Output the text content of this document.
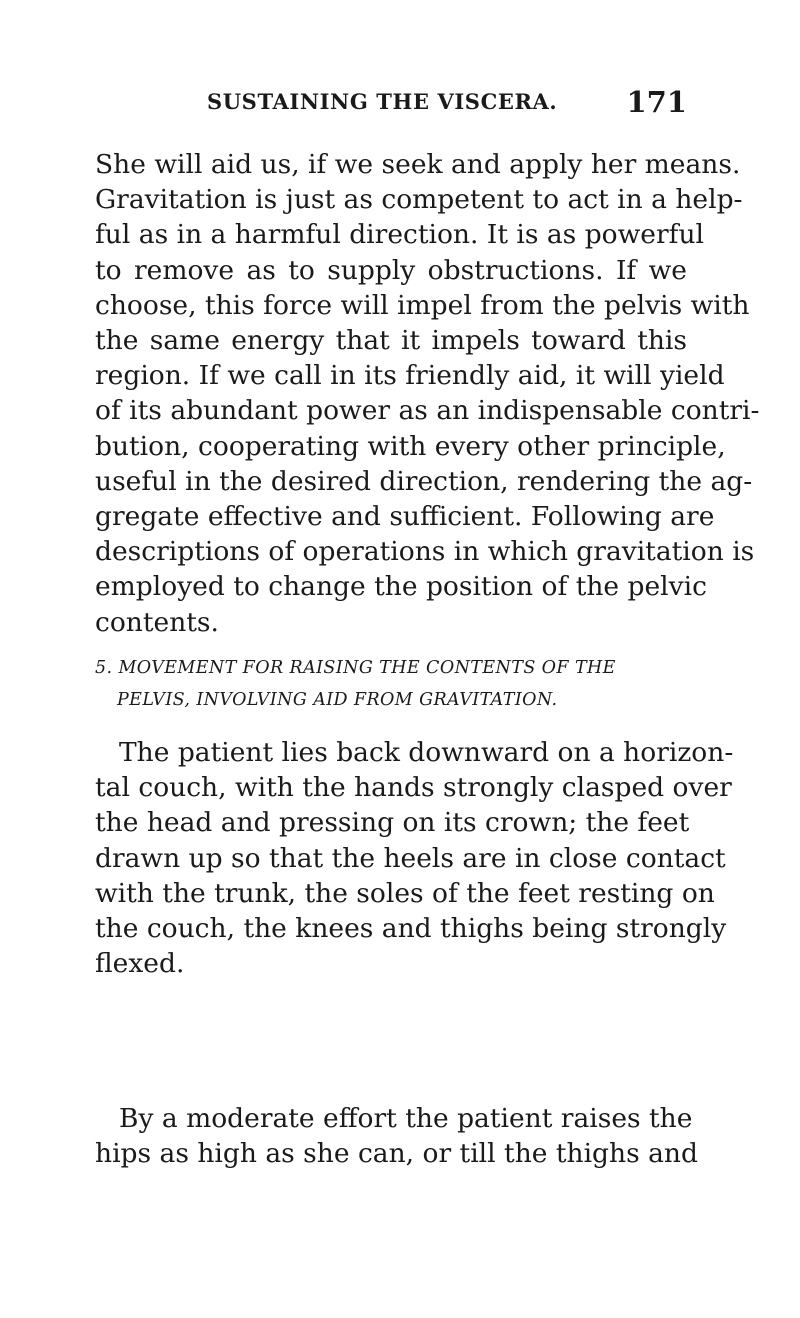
SUSTAINING THE VISCERA. 171
She will aid us, if we seek and apply her means.
Gravitation is just as competent to act in a help-
ful as in a harmful direction. It is as powerful
to remove as to supply obstructions. If we
choose, this force will impel from the pelvis with
the same energy that it impels toward this
region. If we call in its friendly aid, it will yield
of its abundant power as an indispensable contri-
bution, cooperating with every other principle,
useful in the desired direction, rendering the ag-
gregate effective and sufficient. Following are
descriptions of operations in which gravitation is
employed to change the position of the pelvic
contents.
5. MOVEMENT FOR RAISING THE CONTENTS OF THE
PELVIS, INVOLVING AID FROM GRAVITATION.
The patient lies back downward on a horizon-
tal couch, with the hands strongly clasped over
the head and pressing on its crown; the feet
drawn up so that the heels are in close contact
with the trunk, the soles of the feet resting on
the couch, the knees and thighs being strongly
flexed.
By a moderate effort the patient raises the
hips as high as she can, or till the thighs and
